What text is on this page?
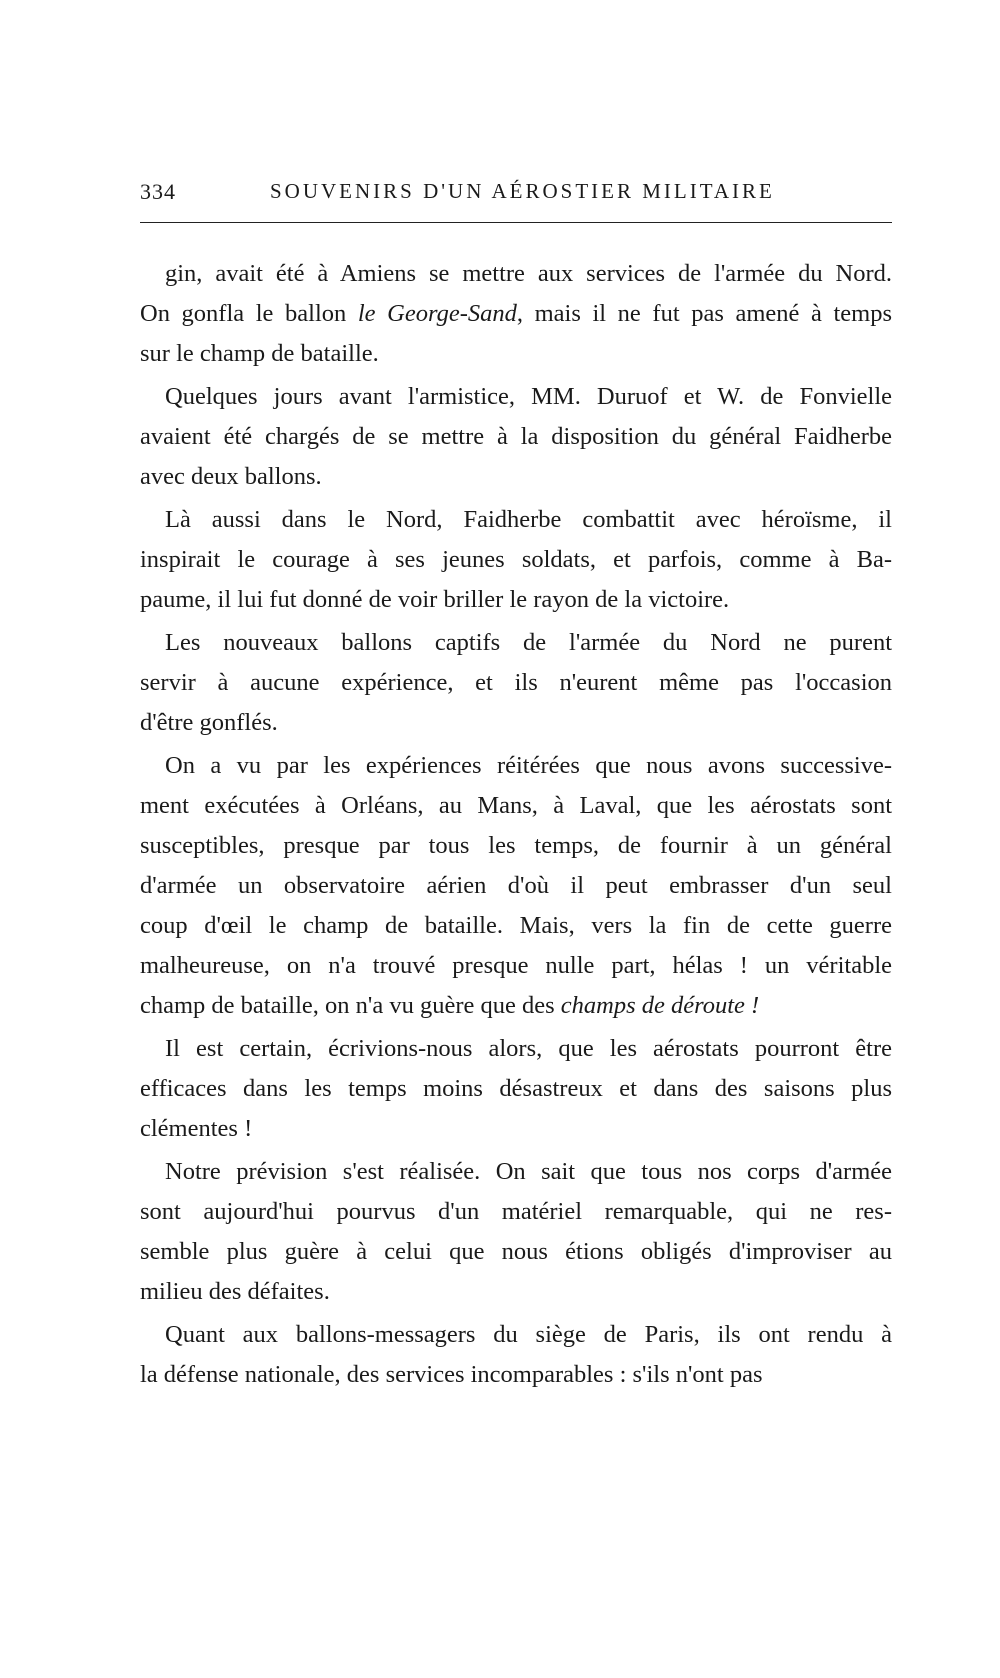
334	SOUVENIRS D'UN AÉROSTIER MILITAIRE
gin, avait été à Amiens se mettre aux services de l'armée du Nord.
On gonfla le ballon le George-Sand, mais il ne fut pas amené à temps
sur le champ de bataille.
Quelques jours avant l'armistice, MM. Duruof et W. de Fonvielle
avaient été chargés de se mettre à la disposition du général Faidherbe
avec deux ballons.
Là aussi dans le Nord, Faidherbe combattit avec héroïsme, il
inspirait le courage à ses jeunes soldats, et parfois, comme à Ba-
paume, il lui fut donné de voir briller le rayon de la victoire.
Les nouveaux ballons captifs de l'armée du Nord ne purent
servir à aucune expérience, et ils n'eurent même pas l'occasion
d'être gonflés.
On a vu par les expériences réitérées que nous avons successive-
ment exécutées à Orléans, au Mans, à Laval, que les aérostats sont
susceptibles, presque par tous les temps, de fournir à un général
d'armée un observatoire aérien d'où il peut embrasser d'un seul
coup d'œil le champ de bataille. Mais, vers la fin de cette guerre
malheureuse, on n'a trouvé presque nulle part, hélas ! un véritable
champ de bataille, on n'a vu guère que des champs de déroute !
Il est certain, écrivions-nous alors, que les aérostats pourront être
efficaces dans les temps moins désastreux et dans des saisons plus
clémentes !
Notre prévision s'est réalisée. On sait que tous nos corps d'armée
sont aujourd'hui pourvus d'un matériel remarquable, qui ne res-
semble plus guère à celui que nous étions obligés d'improviser au
milieu des défaites.
Quant aux ballons-messagers du siège de Paris, ils ont rendu à
la défense nationale, des services incomparables : s'ils n'ont pas
